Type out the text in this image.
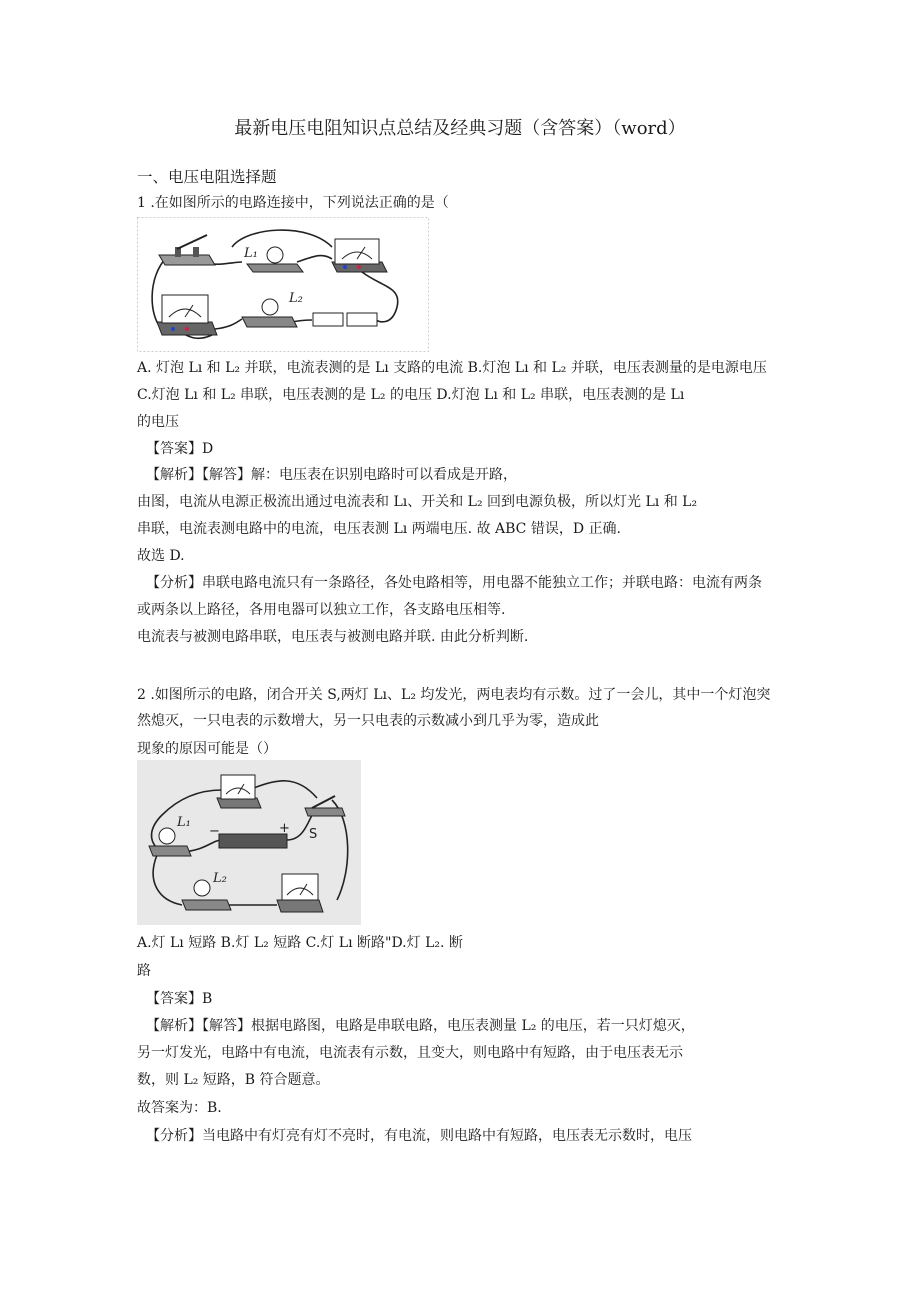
最新电压电阻知识点总结及经典习题（含答案）（word）
一、电压电阻选择题
1 .在如图所示的电路连接中，下列说法正确的是（
L₁
L₂
A. 灯泡 Lı 和 L₂ 并联，电流表测的是 Lı 支路的电流 B.灯泡 Lı 和 L₂ 并联，电压表测量的是电源电压
C.灯泡 Lı 和 L₂ 串联，电压表测的是 L₂ 的电压 D.灯泡 Lı 和 L₂ 串联，电压表测的是 Lı
的电压
【答案】D
【解析】【解答】解：电压表在识别电路时可以看成是开路，
由图，电流从电源正极流出通过电流表和 Lı、开关和 L₂ 回到电源负极，所以灯光 Lı 和 L₂
串联，电流表测电路中的电流，电压表测 Lı 两端电压. 故 ABC 错误，D 正确.
故选 D.
【分析】串联电路电流只有一条路径，各处电路相等，用电器不能独立工作；并联电路：电流有两条
或两条以上路径，各用电器可以独立工作，各支路电压相等.
电流表与被测电路串联，电压表与被测电路并联. 由此分析判断.
2 .如图所示的电路，闭合开关 S,两灯 Lı、L₂ 均发光，两电表均有示数。过了一会儿，其中一个灯泡突
然熄灭，一只电表的示数增大，另一只电表的示数减小到几乎为零，造成此
现象的原因可能是（）
S
L₁
−	+
L₂
A.灯 Lı 短路 B.灯 L₂ 短路 C.灯 Lı 断路"D.灯 L₂. 断
路
【答案】B
【解析】【解答】根据电路图，电路是串联电路，电压表测量 L₂ 的电压，若一只灯熄灭，
另一灯发光，电路中有电流，电流表有示数，且变大，则电路中有短路，由于电压表无示
数，则 L₂ 短路，B 符合题意。
故答案为：B.
【分析】当电路中有灯亮有灯不亮时，有电流，则电路中有短路，电压表无示数时，电压
